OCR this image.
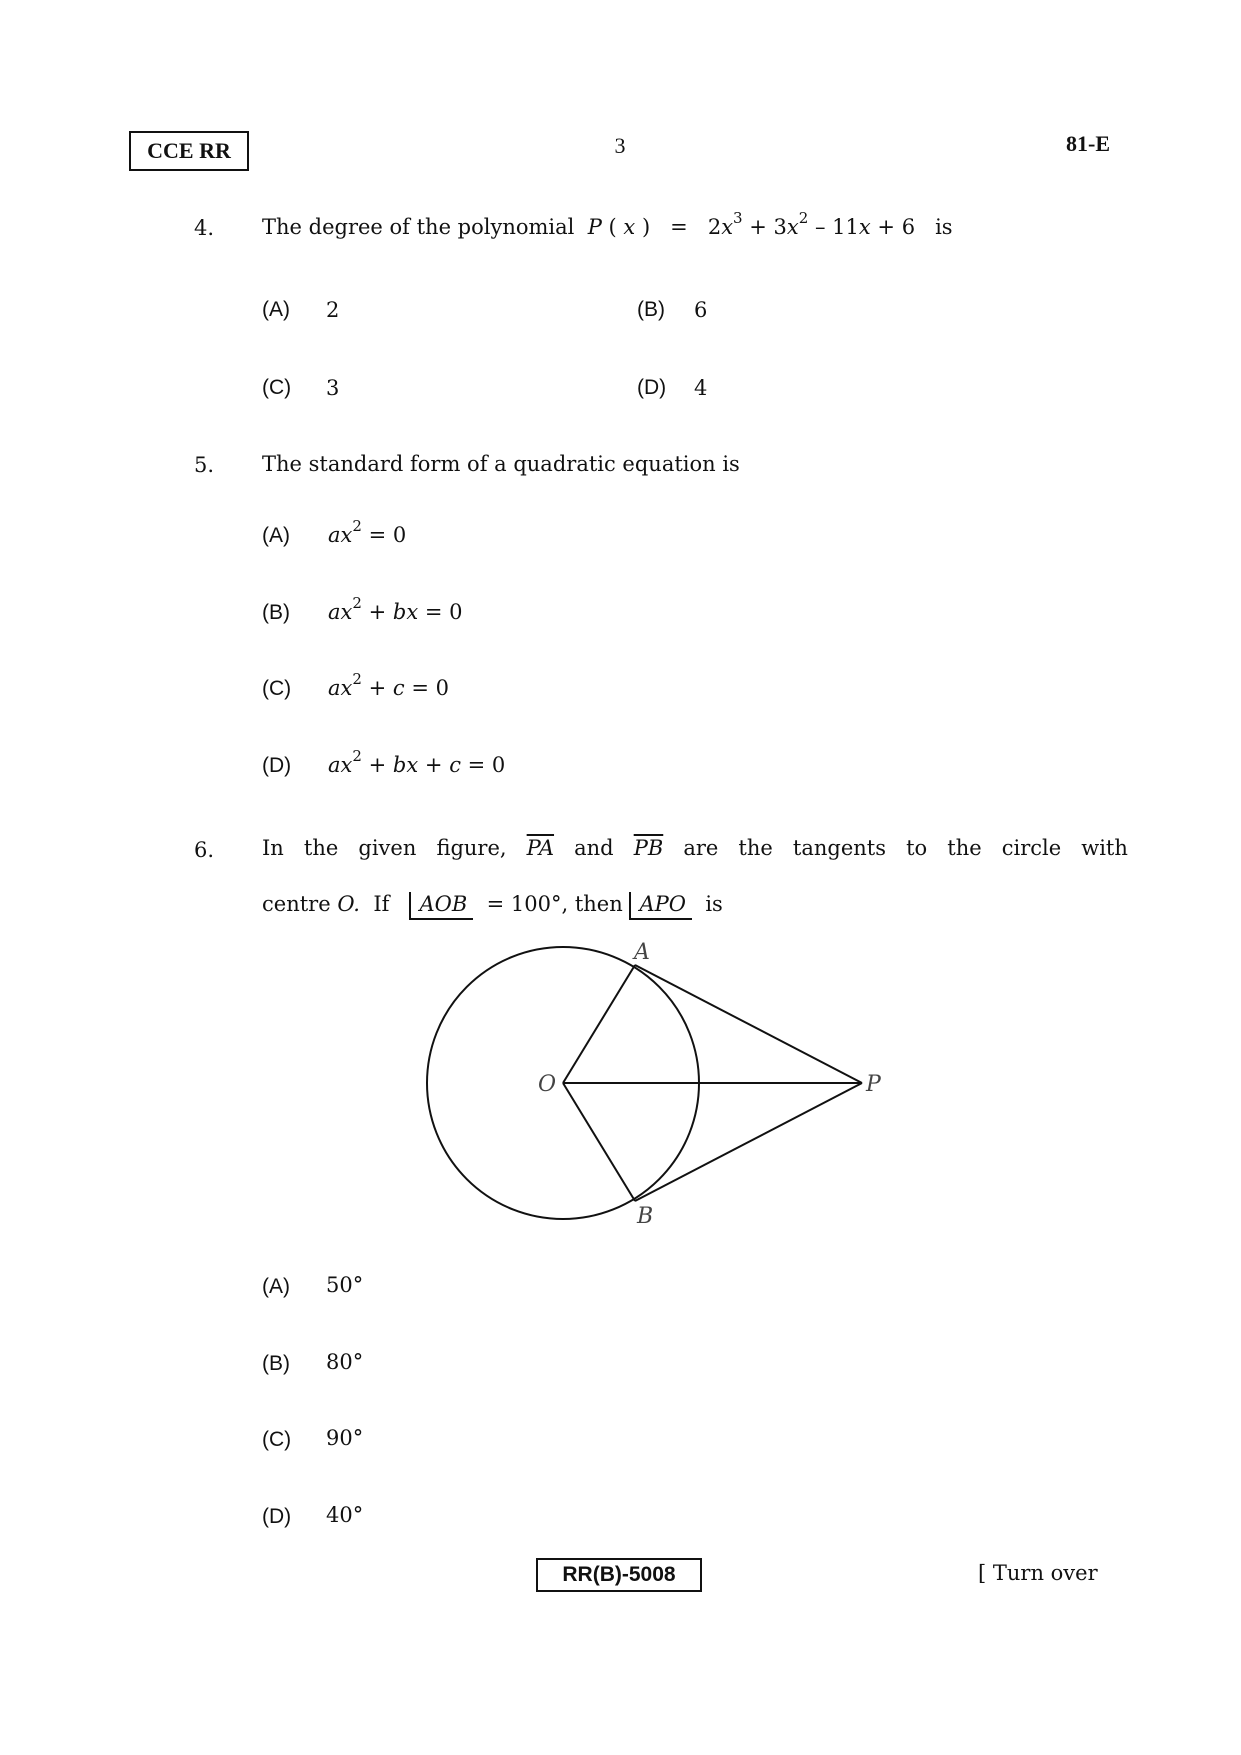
CCE RR	3	81-E
4. The degree of the polynomial P ( x )   = $2x^3 + 3x^2 - 11x + 6$ is
(A) 2	(B) 6
(C) 3	(D) 4
5. The standard form of a quadratic equation is
(A) $ax^2 = 0$
(B) $ax^2$ + bx = 0
(C) $ax^2 + c = 0$
(D) $ax^2$ + bx + c = 0
6. In the given figure, $\overline{PA}$ and $\overline{PB}$ are the tangents to the circle with
centre O. If AOB = 100°, then APO is
A
B
O	P
(A) 50°
(B) 80°
(C) 90°
(D) 40°
RR(B)-5008	[ Turn over
